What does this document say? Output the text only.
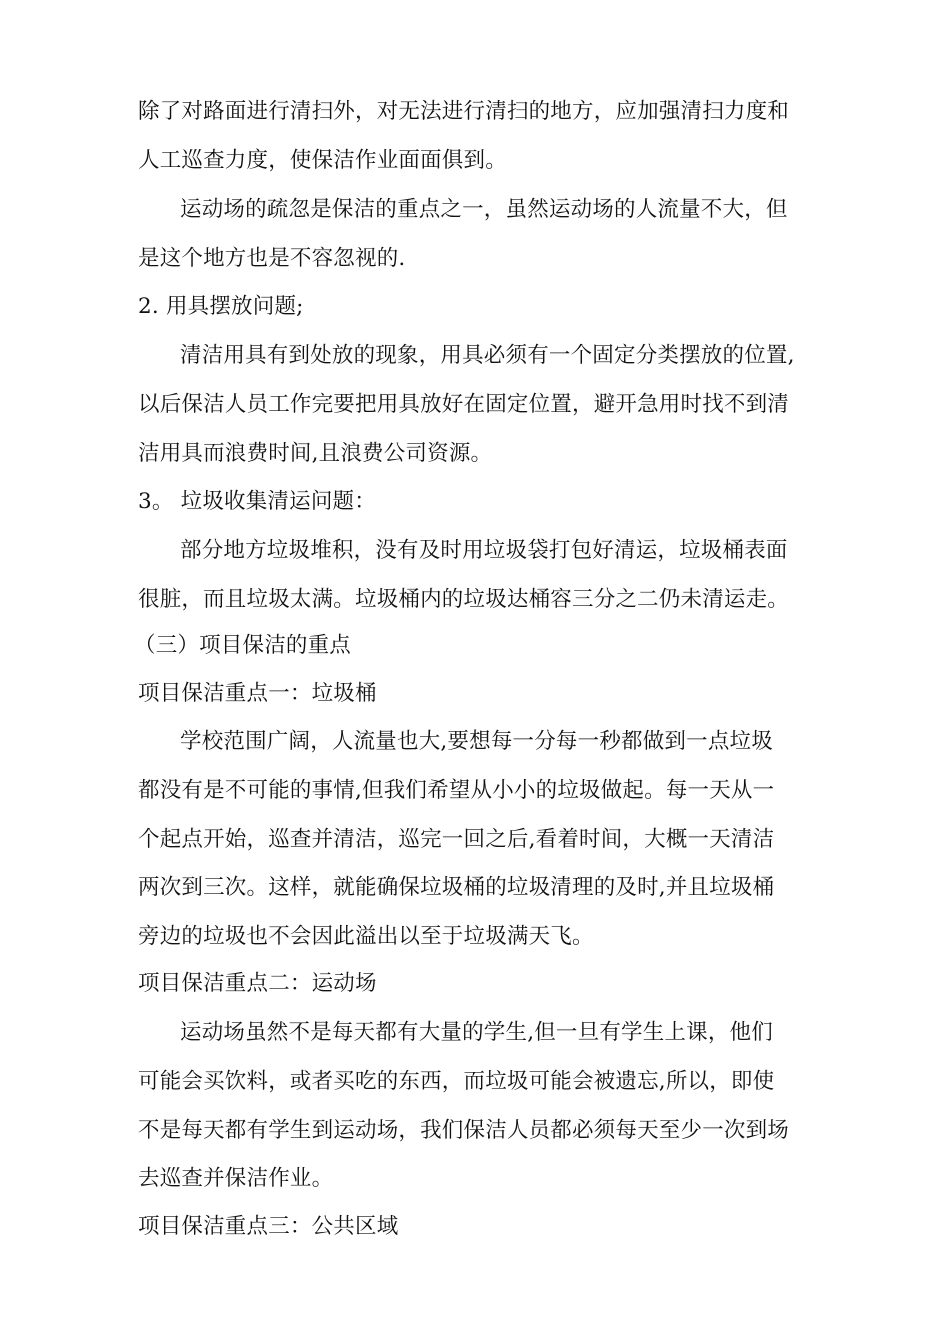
除了对路面进行清扫外，对无法进行清扫的地方，应加强清扫力度和
人工巡查力度，使保洁作业面面俱到。
运动场的疏忽是保洁的重点之一，虽然运动场的人流量不大，但
是这个地方也是不容忽视的.
2. 用具摆放问题;
清洁用具有到处放的现象，用具必须有一个固定分类摆放的位置,
以后保洁人员工作完要把用具放好在固定位置，避开急用时找不到清
洁用具而浪费时间,且浪费公司资源。
3。 垃圾收集清运问题：
部分地方垃圾堆积，没有及时用垃圾袋打包好清运，垃圾桶表面
很脏，而且垃圾太满。垃圾桶内的垃圾达桶容三分之二仍未清运走。
（三）项目保洁的重点
项目保洁重点一：垃圾桶
学校范围广阔，人流量也大,要想每一分每一秒都做到一点垃圾
都没有是不可能的事情,但我们希望从小小的垃圾做起。每一天从一
个起点开始，巡查并清洁，巡完一回之后,看着时间，大概一天清洁
两次到三次。这样，就能确保垃圾桶的垃圾清理的及时,并且垃圾桶
旁边的垃圾也不会因此溢出以至于垃圾满天飞。
项目保洁重点二：运动场
运动场虽然不是每天都有大量的学生,但一旦有学生上课，他们
可能会买饮料，或者买吃的东西，而垃圾可能会被遗忘,所以，即使
不是每天都有学生到运动场，我们保洁人员都必须每天至少一次到场
去巡查并保洁作业。
项目保洁重点三：公共区域
